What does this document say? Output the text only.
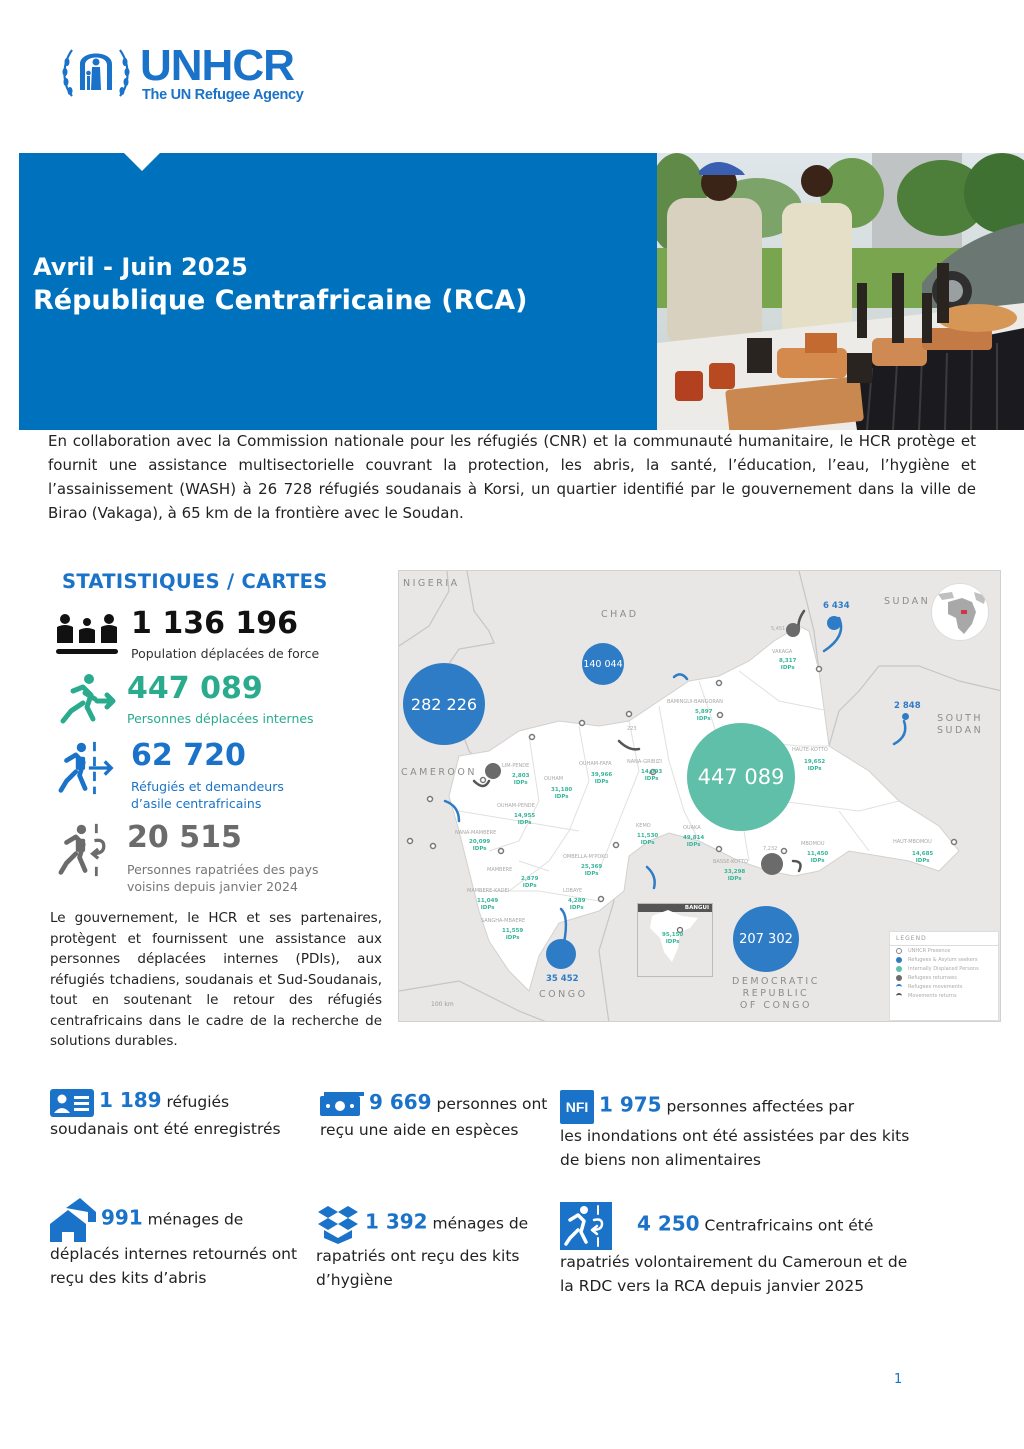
UNHCR
The UN Refugee Agency
Avril - Juin 2025
République Centrafricaine (RCA)

En collaboration avec la Commission nationale pour les réfugiés (CNR) et la communauté humanitaire, le HCR protège et fournit une assistance multisectorielle couvrant la protection, les abris, la santé, l’éducation, l’eau, l’hygiène et l’assainissement (WASH) à 26 728 réfugiés soudanais à Korsi, un quartier identifié par le gouvernement dans la ville de Birao (Vakaga), à 65 km de la frontière avec le Soudan.

STATISTIQUES / CARTES
1 136 196
Population déplacées de force
447 089
Personnes déplacées internes
62 720
Réfugiés et demandeurs
d’asile centrafricains
20 515
Personnes rapatriées des pays
voisins depuis janvier 2024

Le gouvernement, le HCR et ses partenaires, protègent et fournissent une assistance aux personnes déplacées internes (PDIs), aux réfugiés tchadiens, soudanais et Sud-Soudanais, tout en soutenant le retour des réfugiés centrafricains dans le cadre de la recherche de solutions durables.

NIGERIA
CHAD
SUDAN
SOUTH
SUDAN
CAMEROON
CONGO
DEMOCRATIC
REPUBLIC
OF CONGO
282 226
140 044
447 089
207 302
35 452
6 434
2 848
5,451
7,232
223
VAKAGA
8,317
IDPs
BAMINGUI-BANGORAN
5,897
IDPs
HAUTE-KOTTO
19,652
IDPs
HAUT-MBOMOU
14,685
IDPs
MBOMOU
11,450
IDPs
BASSE-KOTTO
33,298
IDPs
OUAKA
49,814
IDPs
KEMO
11,530
IDPs
NANA-GRIBIZI
14,093
IDPs
OUHAM-FAFA
39,966
IDPs
OUHAM
31,180
IDPs
LIM-PENDE
2,803
IDPs
OUHAM-PENDE
14,955
IDPs
NANA-MAMBERE
20,099
IDPs
MAMBERE
2,879
IDPs
OMBELLA-M'POKO
25,369
IDPs
MAMBERE-KADEI
11,049
IDPs
LOBAYE
4,289
IDPs
SANGHA-MBAERE
11,559
IDPs
BANGUI
95,150
IDPs
100 km
LEGEND
UNHCR Presence
Refugees & Asylum seekers
Internally Displaced Persons
Refugees returnees
Refugees movements
Movements returns
1 189 réfugiés
soudanais ont été enregistrés
9 669 personnes ont
reçu une aide en espèces
NFI 1 975 personnes affectées par
les inondations ont été assistées par des kits
de biens non alimentaires
991 ménages de
déplacés internes retournés ont
reçu des kits d’abris
1 392 ménages de
rapatriés ont reçu des kits
d’hygiène
4 250 Centrafricains ont été
rapatriés volontairement du Cameroun et de
la RDC vers la RCA depuis janvier 2025
1
